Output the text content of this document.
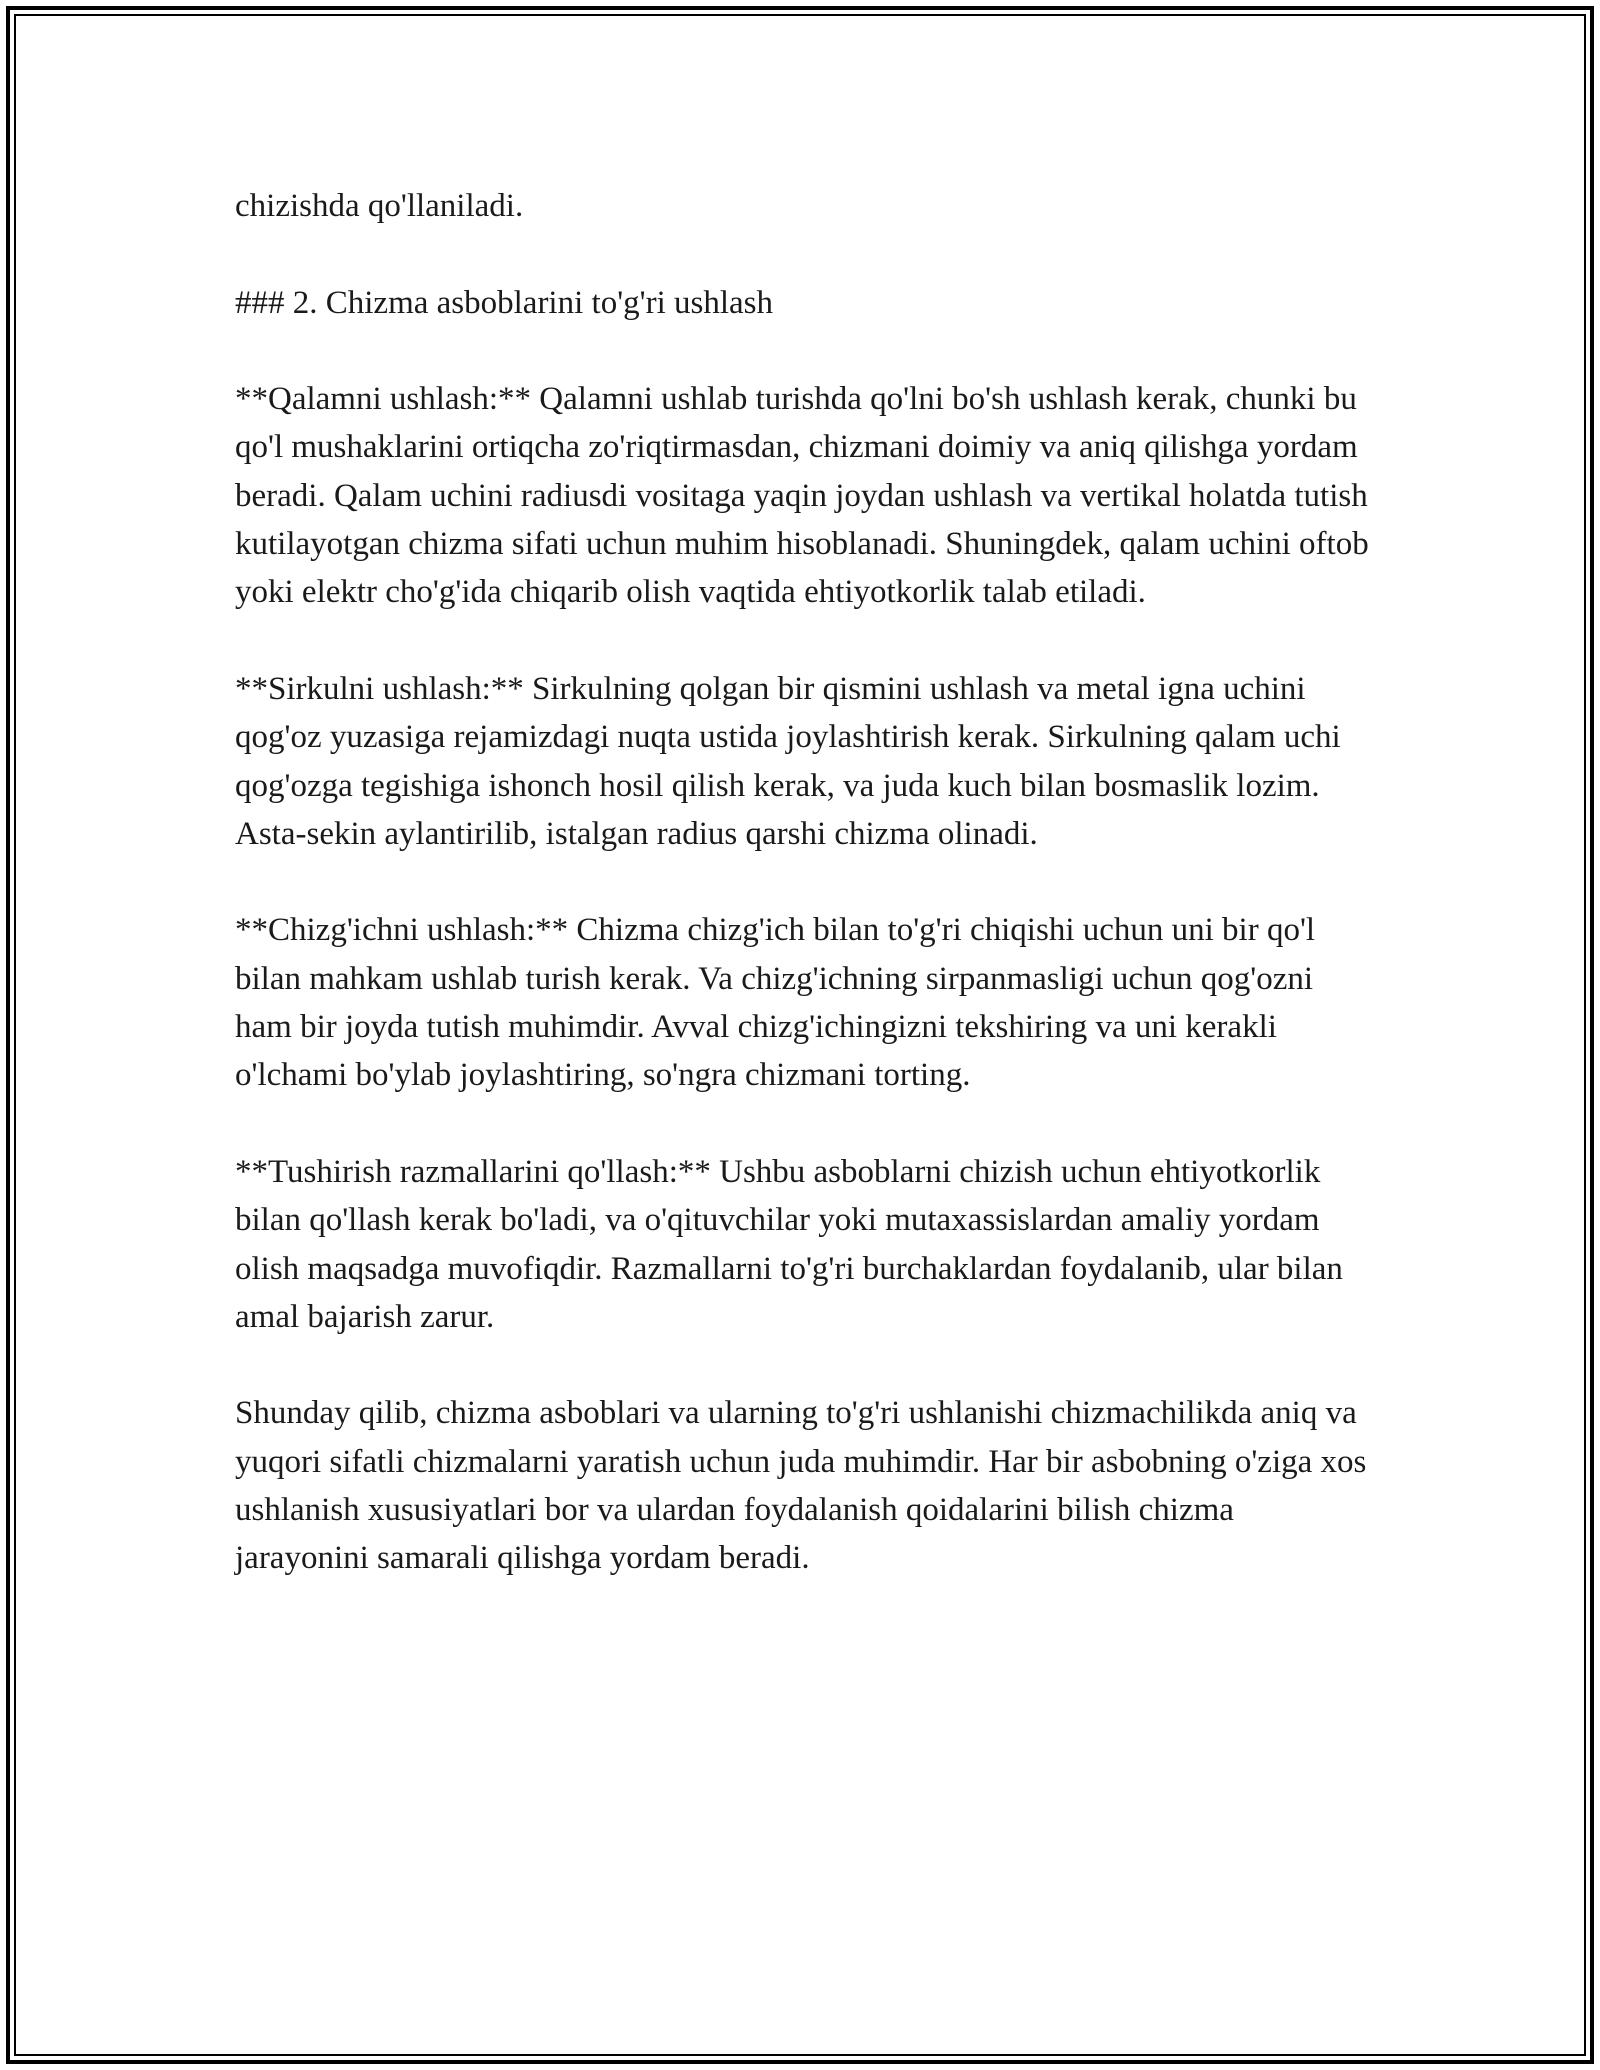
chizishda qo'llaniladi.

### 2. Chizma asboblarini to'g'ri ushlash

**Qalamni ushlash:** Qalamni ushlab turishda qo'lni bo'sh ushlash kerak, chunki bu qo'l mushaklarini ortiqcha zo'riqtirmasdan, chizmani doimiy va aniq qilishga yordam beradi. Qalam uchini radiusdi vositaga yaqin joydan ushlash va vertikal holatda tutish kutilayotgan chizma sifati uchun muhim hisoblanadi. Shuningdek, qalam uchini oftob yoki elektr cho'g'ida chiqarib olish vaqtida ehtiyotkorlik talab etiladi.

**Sirkulni ushlash:** Sirkulning qolgan bir qismini ushlash va metal igna uchini qog'oz yuzasiga rejamizdagi nuqta ustida joylashtirish kerak. Sirkulning qalam uchi qog'ozga tegishiga ishonch hosil qilish kerak, va juda kuch bilan bosmaslik lozim. Asta-sekin aylantirilib, istalgan radius qarshi chizma olinadi.

**Chizg'ichni ushlash:** Chizma chizg'ich bilan to'g'ri chiqishi uchun uni bir qo'l bilan mahkam ushlab turish kerak. Va chizg'ichning sirpanmasligi uchun qog'ozni ham bir joyda tutish muhimdir. Avval chizg'ichingizni tekshiring va uni kerakli o'lchami bo'ylab joylashtiring, so'ngra chizmani torting.

**Tushirish razmallarini qo'llash:** Ushbu asboblarni chizish uchun ehtiyotkorlik bilan qo'llash kerak bo'ladi, va o'qituvchilar yoki mutaxassislardan amaliy yordam olish maqsadga muvofiqdir. Razmallarni to'g'ri burchaklardan foydalanib, ular bilan amal bajarish zarur.

Shunday qilib, chizma asboblari va ularning to'g'ri ushlanishi chizmachilikda aniq va yuqori sifatli chizmalarni yaratish uchun juda muhimdir. Har bir asbobning o'ziga xos ushlanish xususiyatlari bor va ulardan foydalanish qoidalarini bilish chizma jarayonini samarali qilishga yordam beradi.
